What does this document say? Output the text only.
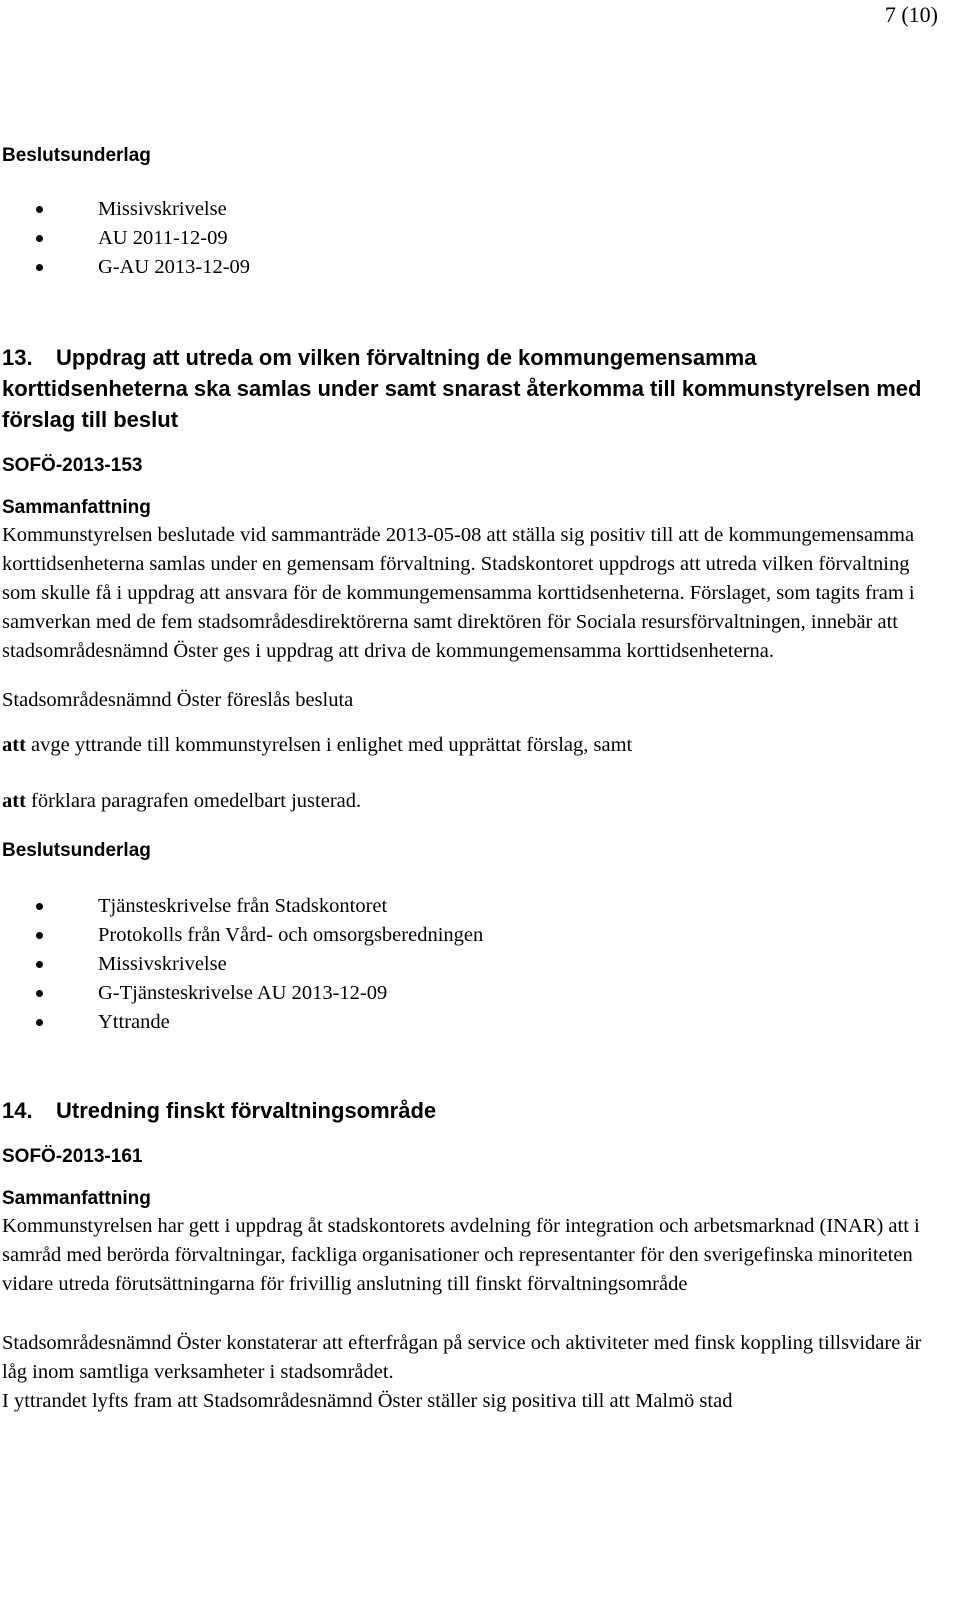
7 (10)
Beslutsunderlag
Missivskrivelse
AU 2011-12-09
G-AU 2013-12-09
13. Uppdrag att utreda om vilken förvaltning de kommungemensamma korttidsenheterna ska samlas under samt snarast återkomma till kommunstyrelsen med förslag till beslut
SOFÖ-2013-153
Sammanfattning

Kommunstyrelsen beslutade vid sammanträde 2013-05-08 att ställa sig positiv till att de kommungemensamma korttidsenheterna samlas under en gemensam förvaltning. Stadskontoret uppdrogs att utreda vilken förvaltning som skulle få i uppdrag att ansvara för de kommungemensamma korttidsenheterna. Förslaget, som tagits fram i samverkan med de fem stadsområdesdirektörerna samt direktören för Sociala resursförvaltningen, innebär att stadsområdesnämnd Öster ges i uppdrag att driva de kommungemensamma korttidsenheterna.

Stadsområdesnämnd Öster föreslås besluta

att avge yttrande till kommunstyrelsen i enlighet med upprättat förslag, samt

att förklara paragrafen omedelbart justerad.

Beslutsunderlag
Tjänsteskrivelse från Stadskontoret
Protokolls från Vård- och omsorgsberedningen
Missivskrivelse
G-Tjänsteskrivelse AU 2013-12-09
Yttrande
14. Utredning finskt förvaltningsområde
SOFÖ-2013-161
Sammanfattning

Kommunstyrelsen har gett i uppdrag åt stadskontorets avdelning för integration och arbetsmarknad (INAR) att i samråd med berörda förvaltningar, fackliga organisationer och representanter för den sverigefinska minoriteten vidare utreda förutsättningarna för frivillig anslutning till finskt förvaltningsområde

Stadsområdesnämnd Öster konstaterar att efterfrågan på service och aktiviteter med finsk koppling tillsvidare är låg inom samtliga verksamheter i stadsområdet.

I yttrandet lyfts fram att Stadsområdesnämnd Öster ställer sig positiva till att Malmö stad
